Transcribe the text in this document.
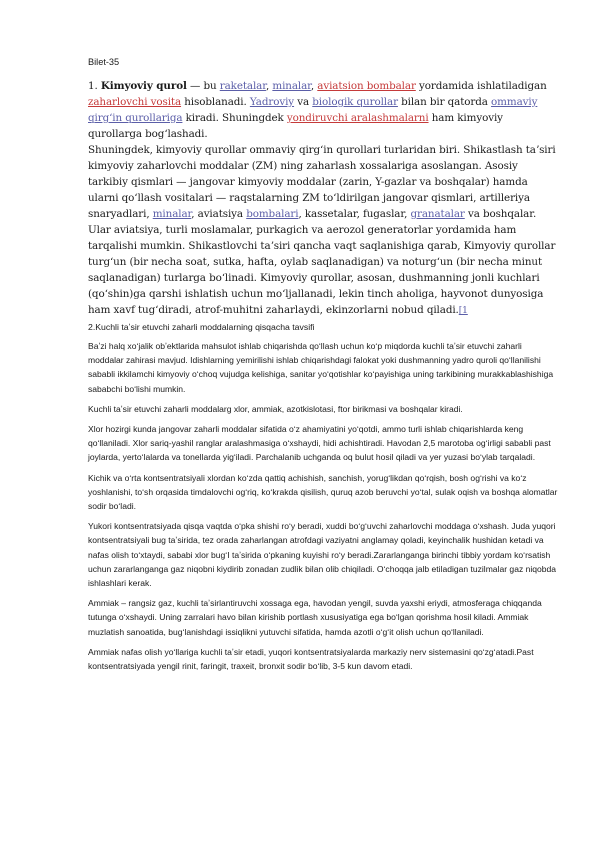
Bilet-35

1. Kimyoviy qurol — bu raketalar, minalar, aviatsion bombalar yordamida ishlatiladigan zaharlovchi vosita hisoblanadi. Yadroviy va biologik qurollar bilan bir qatorda ommaviy qirgʻin qurollariga kiradi. Shuningdek yondiruvchi aralashmalarni ham kimyoviy qurollarga bogʻlashadi.
Shuningdek, kimyoviy qurollar ommaviy qirgʻin qurollari turlaridan biri. Shikastlash taʼsiri kimyoviy zaharlovchi moddalar (ZM) ning zaharlash xossalariga asoslangan. Asosiy tarkibiy qismlari — jangovar kimyoviy moddalar (zarin, Y-gazlar va boshqalar) hamda ularni qoʻllash vositalari — raqstalarning ZM toʻldirilgan jangovar qismlari, artilleriya snaryadlari, minalar, aviatsiya bombalari, kassetalar, fugaslar, granatalar va boshqalar. Ular aviatsiya, turli moslamalar, purkagich va aerozol generatorlar yordamida ham tarqalishi mumkin. Shikastlovchi taʼsiri qancha vaqt saqlanishiga qarab, Kimyoviy qurollar turgʻun (bir necha soat, sutka, hafta, oylab saqlanadigan) va noturgʻun (bir necha minut saqlanadigan) turlarga boʻlinadi. Kimyoviy qurollar, asosan, dushmanning jonli kuchlari (qoʻshin)ga qarshi ishlatish uchun moʻljallanadi, lekin tinch aholiga, hayvonot dunyosiga ham xavf tugʻdiradi, atrof-muhitni zaharlaydi, ekinzorlarni nobud qiladi.[1

2.Kuchli taʼsir etuvchi zaharli moddalarning qisqacha tavsifi

Baʼzi halq xoʻjalik obʼektlarida mahsulot ishlab chiqarishda qoʻllash uchun koʻp miqdorda kuchli taʼsir etuvchi zaharli moddalar zahirasi mavjud. Idishlarning yemirilishi ishlab chiqarishdagi falokat yoki dushmanning yadro quroli qoʻllanilishi sababli ikkilamchi kimyoviy oʻchoq vujudga kelishiga, sanitar yoʻqotishlar koʻpayishiga uning tarkibining murakkablashishiga sababchi boʻlishi mumkin.

Kuchli taʼsir etuvchi zaharli moddalarg xlor, ammiak, azotkislotasi, ftor birikmasi va boshqalar kiradi.

Xlor hozirgi kunda jangovar zaharli moddalar sifatida oʻz ahamiyatini yoʻqotdi, ammo turli ishlab chiqarishlarda keng qoʻllaniladi. Xlor sariq-yashil ranglar aralashmasiga oʻxshaydi, hidi achishtiradi. Havodan 2,5 marotoba ogʻirligi sababli past joylarda, yertoʻlalarda va tonellarda yigʻiladi. Parchalanib uchganda oq bulut hosil qiladi va yer yuzasi boʻylab tarqaladi.

Kichik va oʻrta kontsentratsiyali xlordan koʻzda qattiq achishish, sanchish, yorugʻlikdan qoʻrqish, bosh ogʻrishi va koʻz yoshlanishi, toʻsh orqasida timdalovchi ogʻriq, koʻkrakda qisilish, quruq azob beruvchi yoʻtal, sulak oqish va boshqa alomatlar sodir boʻladi.

Yukori kontsentratsiyada qisqa vaqtda oʻpka shishi roʻy beradi, xuddi boʻgʻuvchi zaharlovchi moddaga oʻxshash. Juda yuqori kontsentratsiyali bug taʼsirida, tez orada zaharlangan atrofdagi vaziyatni anglamay qoladi, keyinchalik hushidan ketadi va nafas olish toʻxtaydi, sababi xlor bugʻI taʼsirida oʻpkaning kuyishi roʻy beradi.Zararlanganga birinchi tibbiy yordam koʻrsatish uchun zararlanganga gaz niqobni kiydirib zonadan zudlik bilan olib chiqiladi. Oʻchoqqa jalb etiladigan tuzilmalar gaz niqobda ishlashlari kerak.

Ammiak – rangsiz gaz, kuchli taʼsirlantiruvchi xossaga ega, havodan yengil, suvda yaxshi eriydi, atmosferaga chiqqanda tutunga oʻxshaydi. Uning zarralari havo bilan kirishib portlash xususiyatiga ega boʻlgan qorishma hosil kiladi. Ammiak muzlatish sanoatida, bugʻlanishdagi issiqlikni yutuvchi sifatida, hamda azotli oʻgʻit olish uchun qoʻllaniladi.

Ammiak nafas olish yoʻllariga kuchli taʼsir etadi, yuqori kontsentratsiyalarda markaziy nerv sistemasini qoʻzgʻatadi.Past kontsentratsiyada yengil rinit, faringit, traxeit, bronxit sodir boʻlib, 3-5 kun davom etadi.
